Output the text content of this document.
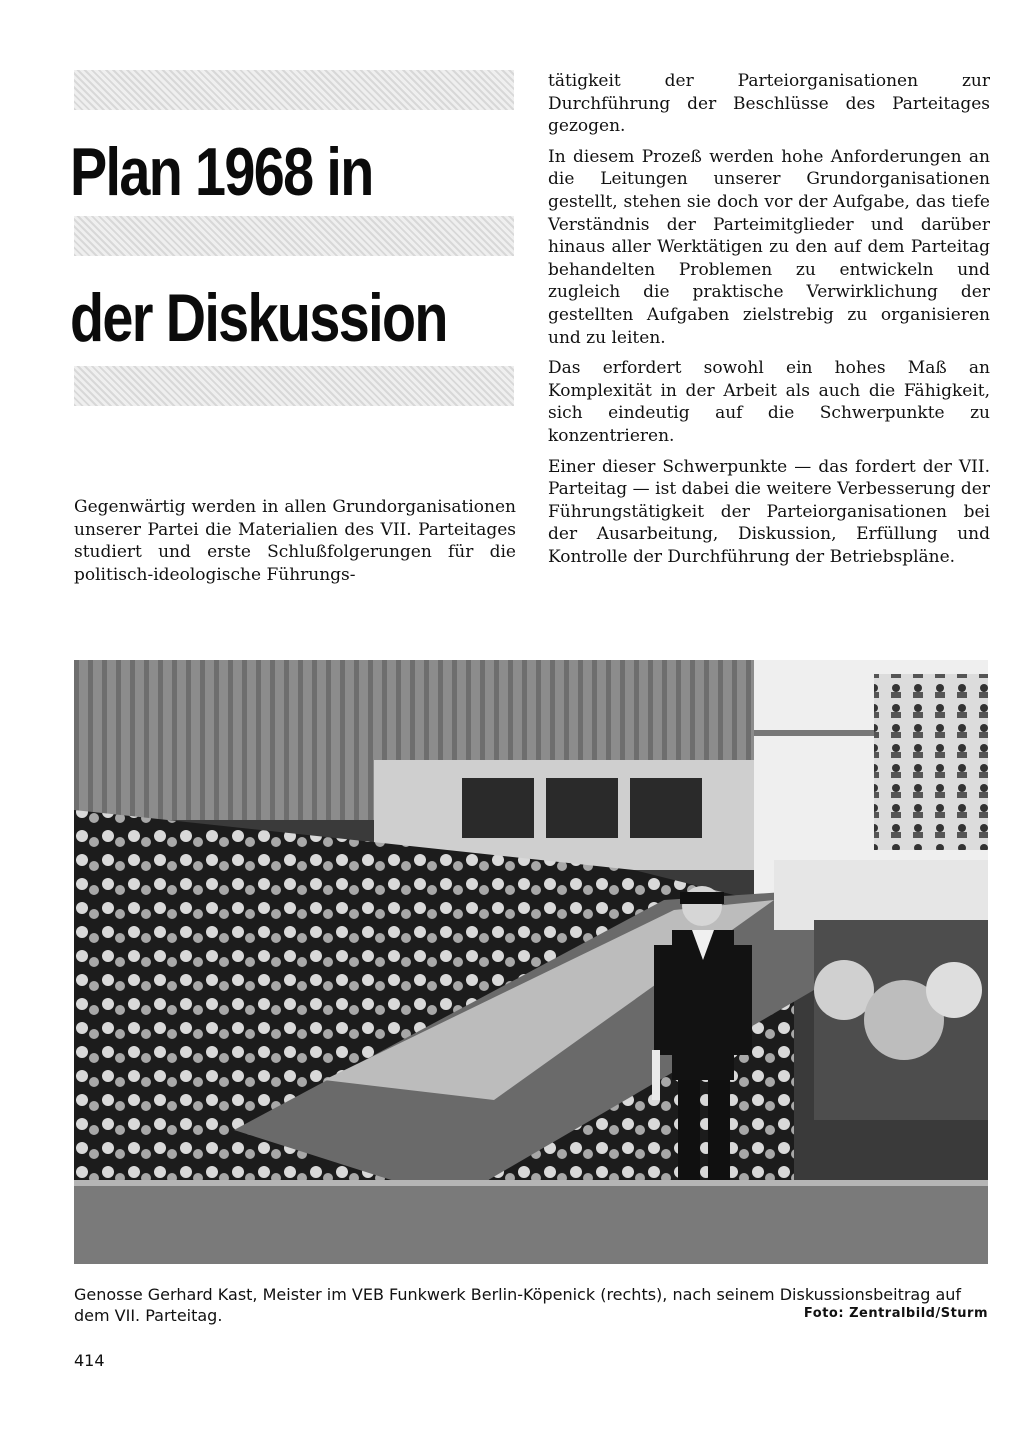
Plan 1968 in
der Diskussion

Gegenwärtig werden in allen Grundorganisationen unserer Partei die Materialien des VII. Parteitages studiert und erste Schlußfolgerungen für die politisch-ideologische Führungs-

tätigkeit der Parteiorganisationen zur Durchführung der Beschlüsse des Parteitages gezogen.

In diesem Prozeß werden hohe Anforderungen an die Leitungen unserer Grundorganisationen gestellt, stehen sie doch vor der Aufgabe, das tiefe Verständnis der Parteimitglieder und darüber hinaus aller Werktätigen zu den auf dem Parteitag behandelten Problemen zu entwickeln und zugleich die praktische Verwirklichung der gestellten Aufgaben zielstrebig zu organisieren und zu leiten.

Das erfordert sowohl ein hohes Maß an Komplexität in der Arbeit als auch die Fähigkeit, sich eindeutig auf die Schwerpunkte zu konzentrieren.

Einer dieser Schwerpunkte — das fordert der VII. Parteitag — ist dabei die weitere Verbesserung der Führungstätigkeit der Parteiorganisationen bei der Ausarbeitung, Diskussion, Erfüllung und Kontrolle der Durchführung der Betriebspläne.

Genosse Gerhard Kast, Meister im VEB Funkwerk Berlin-Köpenick (rechts), nach seinem Diskussionsbeitrag auf dem VII. Parteitag.	Foto: Zentralbild/Sturm
414
